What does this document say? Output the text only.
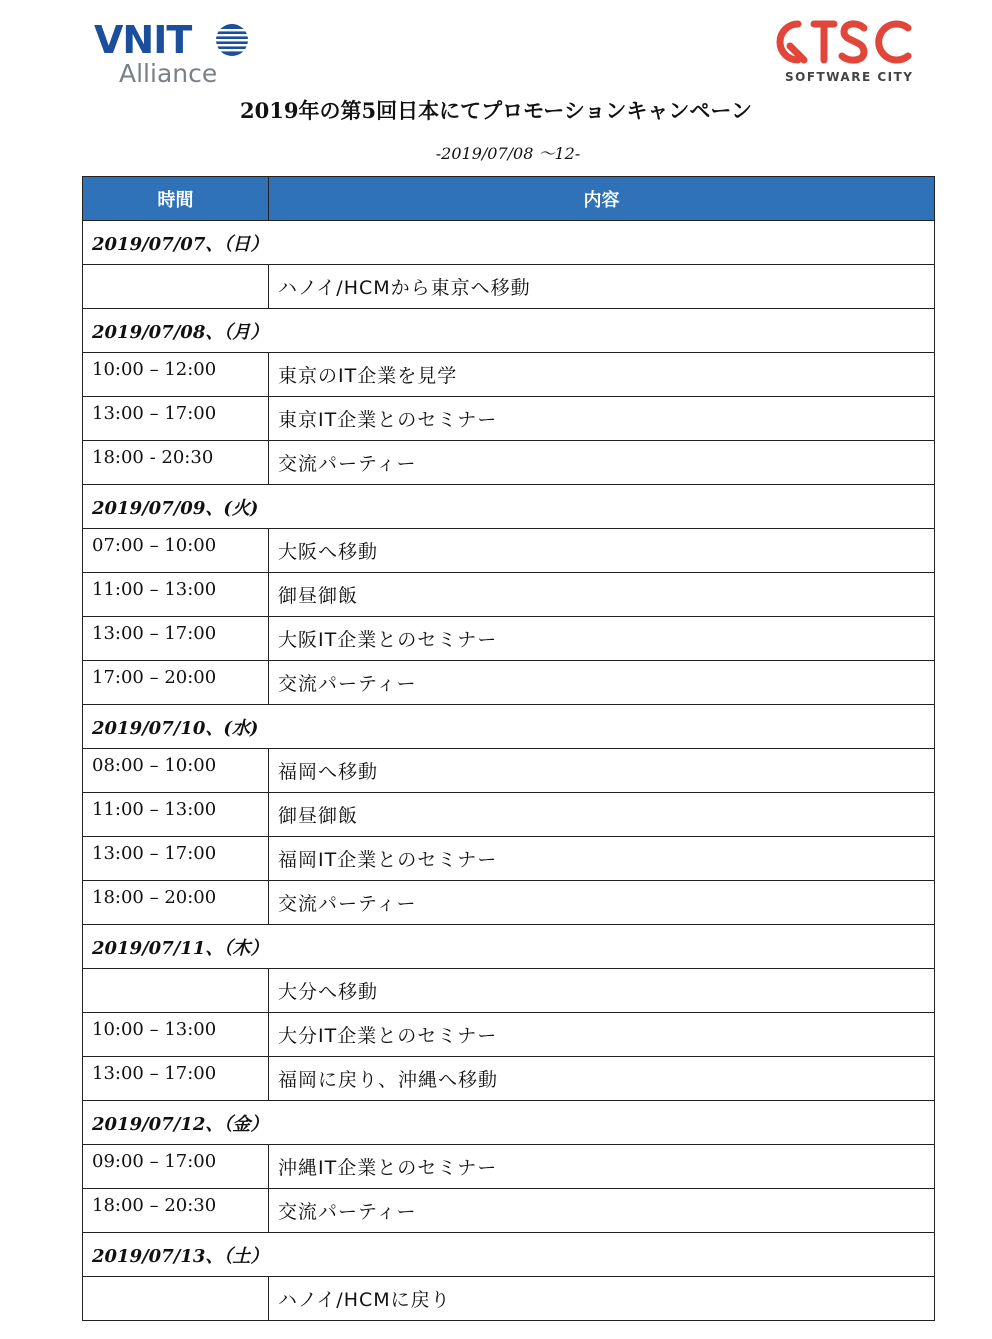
VNIT
Alliance	SOFTWARE CITY
2019年の第5回日本にてプロモーションキャンペーン
-2019/07/08 〜12-
時間	内容
2019/07/07、（日）	
	ハノイ/HCMから東京へ移動
2019/07/08、（月）	
10:00 – 12:00	東京のIT企業を見学
13:00 – 17:00	東京IT企業とのセミナー
18:00 - 20:30	交流パーティー
2019/07/09、(火)	
07:00 – 10:00	大阪へ移動
11:00 – 13:00	御昼御飯
13:00 – 17:00	大阪IT企業とのセミナー
17:00 – 20:00	交流パーティー
2019/07/10、(水)	
08:00 – 10:00	福岡へ移動
11:00 – 13:00	御昼御飯
13:00 – 17:00	福岡IT企業とのセミナー
18:00 – 20:00	交流パーティー
2019/07/11、（木）	
	大分へ移動
10:00 – 13:00	大分IT企業とのセミナー
13:00 – 17:00	福岡に戻り、沖縄へ移動
2019/07/12、（金）	
09:00 – 17:00	沖縄IT企業とのセミナー
18:00 – 20:30	交流パーティー
2019/07/13、（土）	
	ハノイ/HCMに戻り
